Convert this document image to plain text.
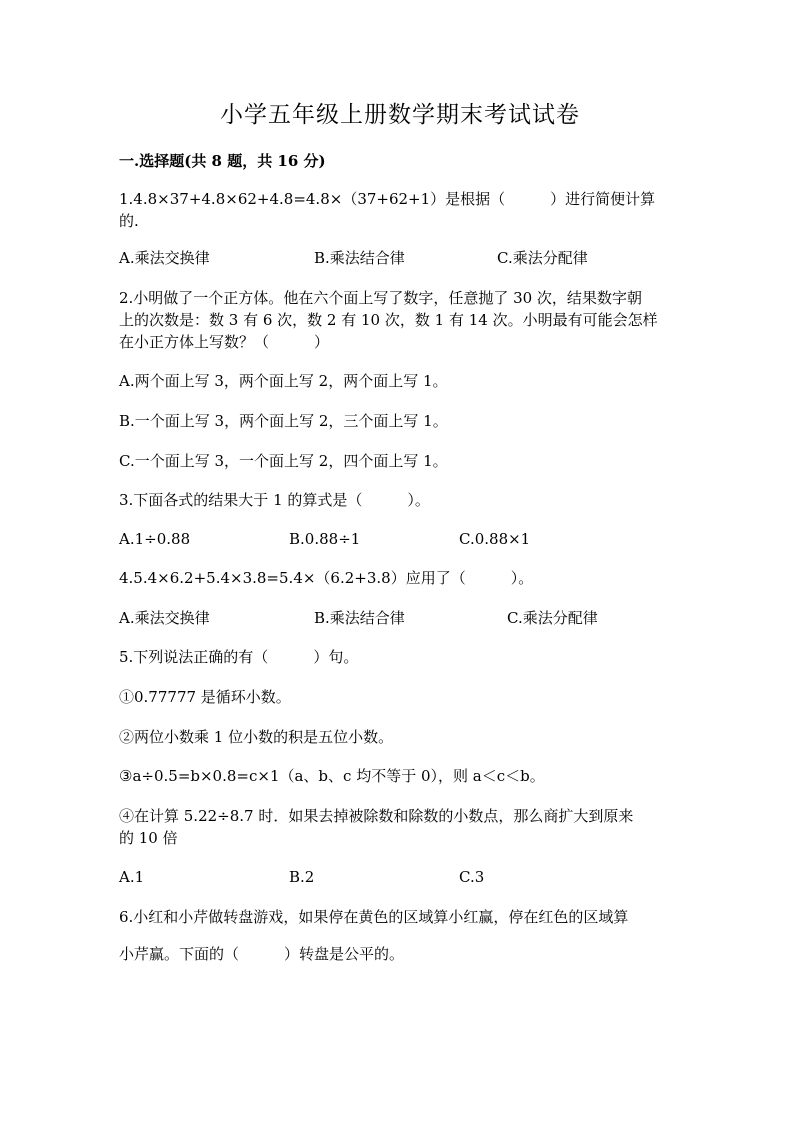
小学五年级上册数学期末考试试卷
一.选择题(共 8 题，共 16 分)
1.4.8×37+4.8×62+4.8=4.8×（37+62+1）是根据（　　　）进行简便计算
的.
A.乘法交换律	B.乘法结合律	C.乘法分配律
2.小明做了一个正方体。他在六个面上写了数字，任意抛了 30 次，结果数字朝
上的次数是：数 3 有 6 次，数 2 有 10 次，数 1 有 14 次。小明最有可能会怎样
在小正方体上写数？（　　　）
A.两个面上写 3，两个面上写 2，两个面上写 1。
B.一个面上写 3，两个面上写 2，三个面上写 1。
C.一个面上写 3，一个面上写 2，四个面上写 1。
3.下面各式的结果大于 1 的算式是（　　　）。
A.1÷0.88	B.0.88÷1	C.0.88×1
4.5.4×6.2+5.4×3.8=5.4×（6.2+3.8）应用了（　　　）。
A.乘法交换律	B.乘法结合律	C.乘法分配律
5.下列说法正确的有（　　　）句。
①0.77777 是循环小数。
②两位小数乘 1 位小数的积是五位小数。
③a÷0.5=b×0.8=c×1（a、b、c 均不等于 0），则 a＜c＜b。
④在计算 5.22÷8.7 时．如果去掉被除数和除数的小数点，那么商扩大到原来
的 10 倍
A.1	B.2	C.3
6.小红和小芹做转盘游戏，如果停在黄色的区域算小红赢，停在红色的区域算
小芹赢。下面的（　　　）转盘是公平的。
